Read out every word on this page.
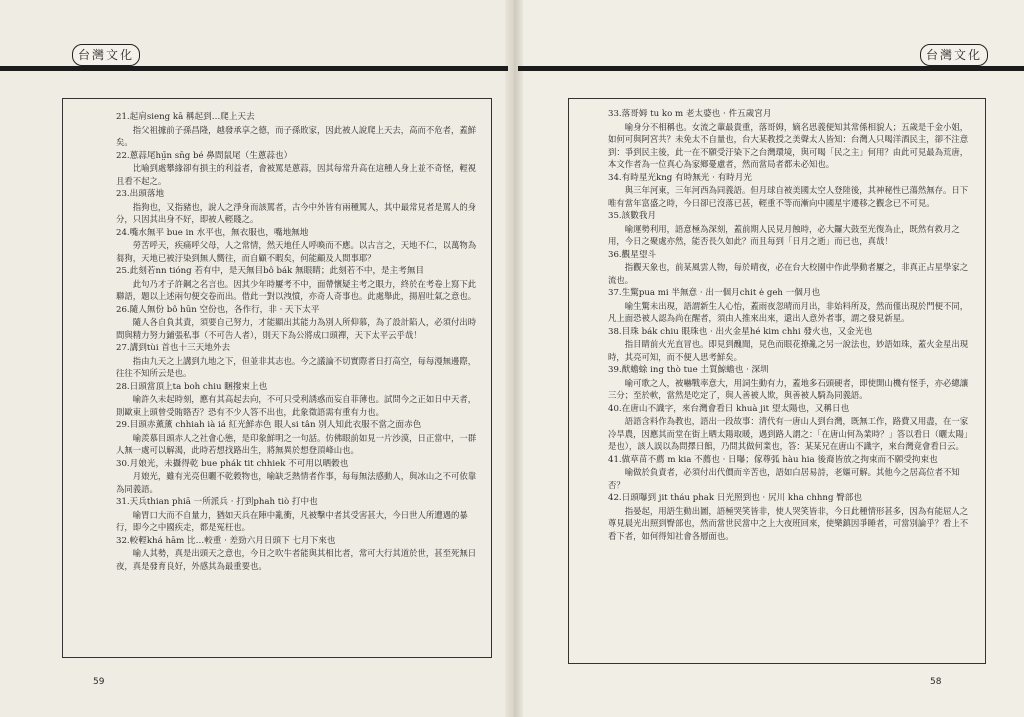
台灣文化	台灣文化
21.起肩sieng kā 稱起到…爬上天去
指父祖據前子孫昌隆，越發承享之德，而子孫敗家，因此被人說爬上天去，高而不危者，蓋鮮矣。
22.蔥蒜尾hṳ̄n sn̄g bé 鼻間鼠尾（生蔥蒜也）
比喻到處攀緣卻有損主的利益者，會被罵是蔥蒜，因其每常升高在這種人身上並不奇怪，輕視且看不起之。
23.出頭落地
指狗也，又指豬也，說人之淨身而該罵者，古今中外皆有兩種罵人，其中最常見者是罵人的身分，只因其出身不好，即被人輕賤之。
24.嘴水無平 bue in 水平也，無衣服也，嘴地無地
勞苦呼天，疾痛呼父母，人之常情，然天地任人呼喚而不應。以古言之，天地不仁，以萬物為芻狗，天地已被汙染到無人嚮往，而自顧不暇矣，何能顧及人間事耶？
25.此刻若nn tióng 若有中，是天無目bô bák 無眼睛；此刻若不中，是主考無目
此句乃才子許鋼之名言也。因其少年時屢考不中，面帶懷疑主考之眼力，終於在考卷上寫下此聯語，題以上述兩句便交卷而出。借此一對以洩憤，亦奇人奇事也。此處舉此，揚眉吐氣之意也。
26.隨人無份 bô hūn 空份也，各作行，非 · 天下太平
隨人各自負其責，須要自己努力，才能顯出其能力為別人所仰慕，為了設計陷人，必須付出時間與精力努力鋪張私事（不可告人者），則天下為公將成口頭禪，天下太平云乎哉！
27.講到tùi 首也十三天地外去
指由九天之上講到九地之下，但並非其志也。今之議論不切實際者日打高空，每每漫無邊際，往往不知所云是也。
28.日頭當頂上ta boh chiu 睏撥束上也
喻許久未起時刻，應有其高起去向，不可只受利誘惑而妄自菲薄也。試問今之正如日中天者，則歐東上頭曾受賄賂否？恐有不少人答不出也，此象徵語需有重有力也。
29.目頭赤薰薰 chhiah ià iá 紅光鮮赤色 眼人si tân 別人知此衣服不當之面赤色
喻羨慕目頭赤人之社會心態，是印象鮮明之一句話。仿佛眼前如見一片沙漠，日正當中，一群人無一處可以解渴，此時若想找路出生，將無異於想登頂峰山也。
30.月娘光，未攝得乾 bue phák tit chhiek 不可用以晒穀也
月娘光，雖有光亮但曬不乾穀物也，喻缺乏熱情者作事，每每無法感動人，與冰山之不可依靠為同義語。
31.天兵thian phiā 一所派兵 · 打到phah tiò 打中也
喻胃口大而不自量力，猶如天兵在陣中亂衝，凡被擊中者其受害甚大，今日世人所遭遇的暴行，即今之中國疾走，都是冤枉也。
32.較輕khá hām 比…較重 · 差勁六月日頭下 七月下來也
喻人其勢，真是出頭天之意也，今日之吹牛者能與其相比者，常可大行其道於世，甚至死無日夜，真是發育良好，外感其為最重要也。
33.落哥姆 tu ko m 老太婆也 · 件五歲宮月
喻身分不相稱也。女流之輩最貴重，落哥姆，嫡名思義便知其常係相貌人；五歲是千金小姐，如何可與阿宮共？未免太不自量也，台大某教授之美聲太人皆知：台灣人只喝洋酒民主，卻不注意到：爭到民主後，此一在不願受汙染下之台灣環境，與可喝「民之主」何用？由此可見最為荒唐，本文作者為一位真心為家鄉憂慮者，然而當局者都未必知也。
34.有時星光kng 有時無光 · 有時月光
與三年河東，三年河西為同義語。但月球自被美國太空人登陸後，其神秘性已蕩然無存。日下唯有當年富盛之時，今日卻已沒落已甚，輕重不等而漸向中國星宇遷移之觀念已不可見。
35.該數我月
喻運勢利用，語意極為深刻，蓋前期人民見月蝕時，必大鑼大鼓至光復為止，既然有救月之用，今日之聚處亦然，能否長久如此？而且每到「日月之逝」而已也，真哉！
36.觀星望斗
指觀天象也，前某風雲人物，每於晴夜，必在台大校園中作此學動者屢之，非真正占星學家之流也。
37.生驚pua mi 半無意 · 出一個月chit ė geh 一個月也
喻生驚未出現，語謂新生人心怡，蓋雨夜忽晴而月出，非始料所及，然而僅出現於門便不同，凡上面恐被人認為尚在醒者，須由人推來出來，還出人意外者事，謂之發見新星。
38.目珠 bák chiu 眼珠也 · 出火金星hé kim chhi 發火也，又金光也
指目睛前火光直冒也。即見到醜聞，見色而眼花撩亂之另一說法也，妙語如珠，蓋火金星出現時，其亮可知，而不便人思考鮮矣。
39.猷蟾蜍 ing thò tue 土質鯨蟾也 · 深圳
喻可歌之人，被嚇戰率意大，用詞生動有力，蓋地多石頭硬者，即使開山機有怪手，亦必總讓三分；至於軟，當然是吃定了，與人善被人欺，與善被人騎為同義語。
40.在唐山不識字，來台灣會看日 khuà jit 望太陽也，又稱日也
語語含料作為教也，語出一段故事：清代有一唐山人到台灣，既無工作，路費又用盡，在一家冷旱農，因應其而堂在街上晒太陽取暖，遇到路人謂之：「在唐山何為業時？」答以看日（曬太陽」是也），該人誤以為問擇日館，乃問其做何業也，答：某某兄在唐山不識字，來台灣竟會看日云。
41.做草苗不薦 m kia 不薦也 · 日曝；傢尊弧 hàu hia 後裔皆放之拘束而不願受拘束也
喻做於負責者，必須付出代價而辛苦也，語如白居易詩，老嫗可解。其他今之居高位者不知否？
42.日頭曝到 jit tháu phak 日光照到也 · 尻川 kha chhng 臀部也
指晏起，用語生動出圖，語極哭笑皆非，使人哭笑皆非，今日此種情形甚多，因為有能屈人之尊見晨光出照到臀部也，然而當世民當中之上大夜班回來，使樂鎮因爭睡者，可當別論乎？看上不看下者，如何得知社會各層面也。
59	58
